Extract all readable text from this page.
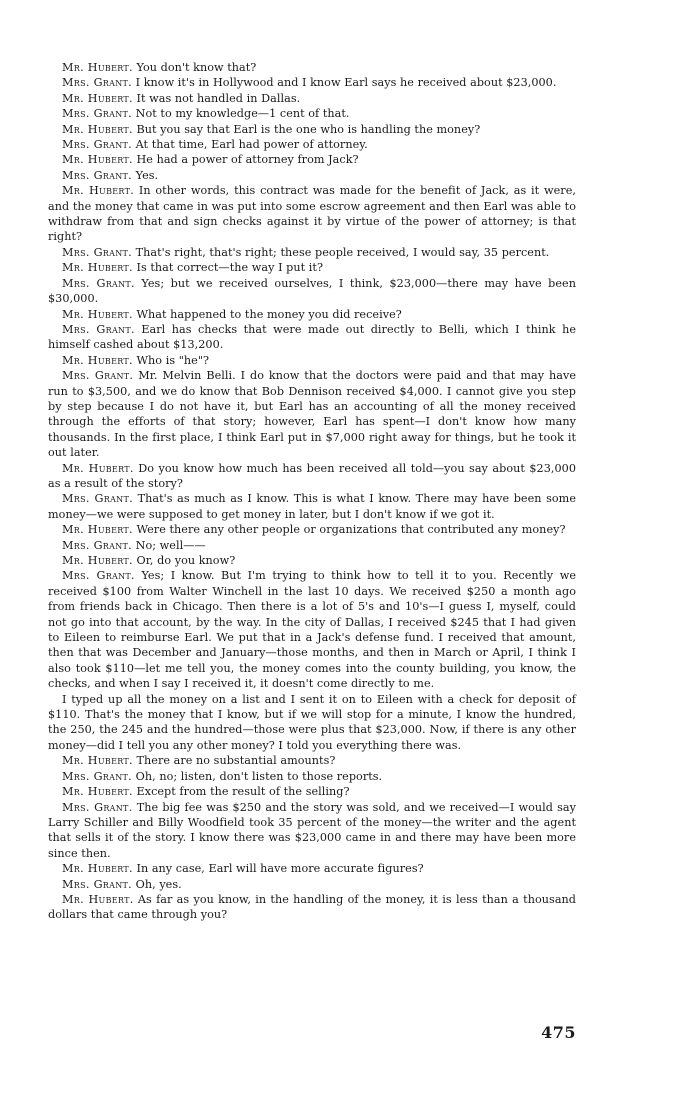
Mr. Hubert. You don't know that?

Mrs. Grant. I know it's in Hollywood and I know Earl says he received about $23,000.

Mr. Hubert. It was not handled in Dallas.

Mrs. Grant. Not to my knowledge—1 cent of that.

Mr. Hubert. But you say that Earl is the one who is handling the money?

Mrs. Grant. At that time, Earl had power of attorney.

Mr. Hubert. He had a power of attorney from Jack?

Mrs. Grant. Yes.

Mr. Hubert. In other words, this contract was made for the benefit of Jack, as it were, and the money that came in was put into some escrow agreement and then Earl was able to withdraw from that and sign checks against it by virtue of the power of attorney; is that right?

Mrs. Grant. That's right, that's right; these people received, I would say, 35 percent.

Mr. Hubert. Is that correct—the way I put it?

Mrs. Grant. Yes; but we received ourselves, I think, $23,000—there may have been $30,000.

Mr. Hubert. What happened to the money you did receive?

Mrs. Grant. Earl has checks that were made out directly to Belli, which I think he himself cashed about $13,200.

Mr. Hubert. Who is "he"?

Mrs. Grant. Mr. Melvin Belli. I do know that the doctors were paid and that may have run to $3,500, and we do know that Bob Dennison received $4,000. I cannot give you step by step because I do not have it, but Earl has an accounting of all the money received through the efforts of that story; however, Earl has spent—I don't know how many thousands. In the first place, I think Earl put in $7,000 right away for things, but he took it out later.

Mr. Hubert. Do you know how much has been received all told—you say about $23,000 as a result of the story?

Mrs. Grant. That's as much as I know. This is what I know. There may have been some money—we were supposed to get money in later, but I don't know if we got it.

Mr. Hubert. Were there any other people or organizations that contributed any money?

Mrs. Grant. No; well——

Mr. Hubert. Or, do you know?

Mrs. Grant. Yes; I know. But I'm trying to think how to tell it to you. Recently we received $100 from Walter Winchell in the last 10 days. We received $250 a month ago from friends back in Chicago. Then there is a lot of 5's and 10's—I guess I, myself, could not go into that account, by the way. In the city of Dallas, I received $245 that I had given to Eileen to reimburse Earl. We put that in a Jack's defense fund. I received that amount, then that was December and January—those months, and then in March or April, I think I also took $110—let me tell you, the money comes into the county building, you know, the checks, and when I say I received it, it doesn't come directly to me.

I typed up all the money on a list and I sent it on to Eileen with a check for deposit of $110. That's the money that I know, but if we will stop for a minute, I know the hundred, the 250, the 245 and the hundred—those were plus that $23,000. Now, if there is any other money—did I tell you any other money? I told you everything there was.

Mr. Hubert. There are no substantial amounts?

Mrs. Grant. Oh, no; listen, don't listen to those reports.

Mr. Hubert. Except from the result of the selling?

Mrs. Grant. The big fee was $250 and the story was sold, and we received—I would say Larry Schiller and Billy Woodfield took 35 percent of the money—the writer and the agent that sells it of the story. I know there was $23,000 came in and there may have been more since then.

Mr. Hubert. In any case, Earl will have more accurate figures?

Mrs. Grant. Oh, yes.

Mr. Hubert. As far as you know, in the handling of the money, it is less than a thousand dollars that came through you?

475
